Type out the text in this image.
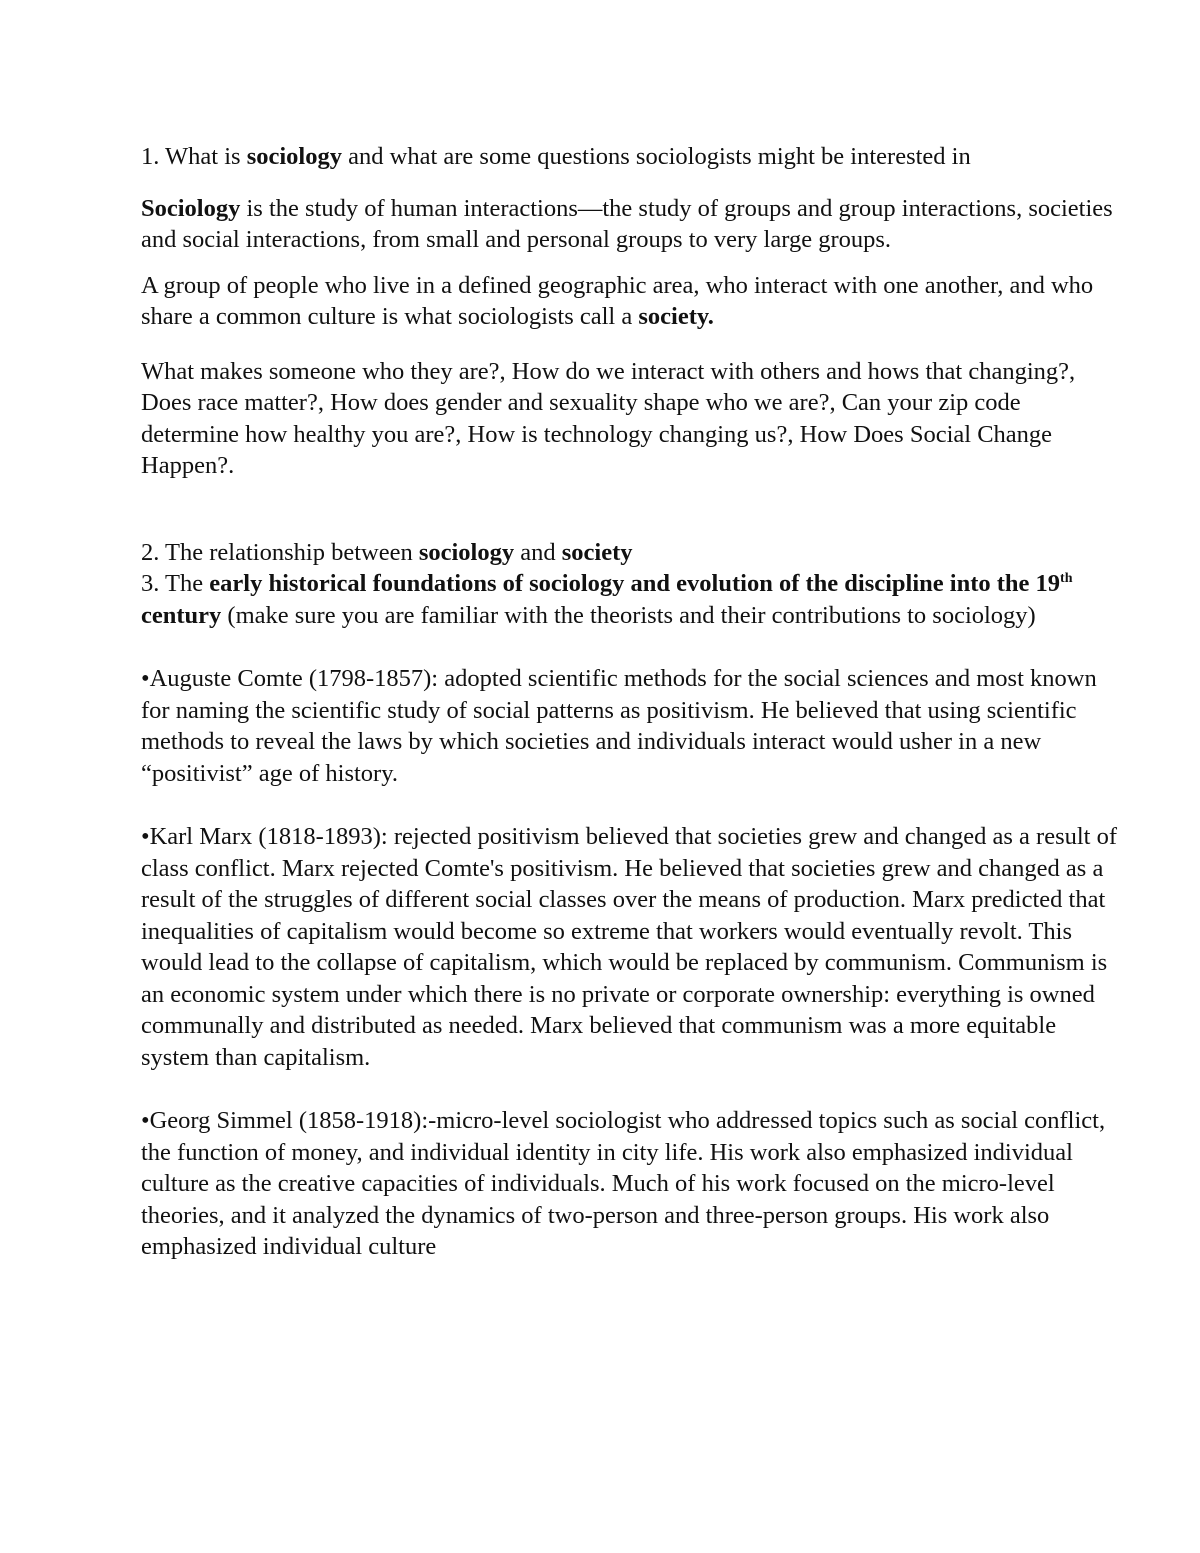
1. What is sociology and what are some questions sociologists might be interested in

Sociology is the study of human interactions—the study of groups and group interactions, societies and social interactions, from small and personal groups to very large groups.

A group of people who live in a defined geographic area, who interact with one another, and who share a common culture is what sociologists call a society.

What makes someone who they are?, How do we interact with others and hows that changing?, Does race matter?, How does gender and sexuality shape who we are?, Can your zip code determine how healthy you are?, How is technology changing us?, How Does Social Change Happen?.

2. The relationship between sociology and society

3. The early historical foundations of sociology and evolution of the discipline into the 19th century (make sure you are familiar with the theorists and their contributions to sociology)

•Auguste Comte (1798-1857): adopted scientific methods for the social sciences and most known for naming the scientific study of social patterns as positivism. He believed that using scientific methods to reveal the laws by which societies and individuals interact would usher in a new “positivist” age of history.

•Karl Marx (1818-1893): rejected positivism believed that societies grew and changed as a result of class conflict. Marx rejected Comte's positivism. He believed that societies grew and changed as a result of the struggles of different social classes over the means of production. Marx predicted that inequalities of capitalism would become so extreme that workers would eventually revolt. This would lead to the collapse of capitalism, which would be replaced by communism. Communism is an economic system under which there is no private or corporate ownership: everything is owned communally and distributed as needed. Marx believed that communism was a more equitable system than capitalism.

•Georg Simmel (1858-1918):-micro-level sociologist who addressed topics such as social conflict, the function of money, and individual identity in city life. His work also emphasized individual culture as the creative capacities of individuals. Much of his work focused on the micro-level theories, and it analyzed the dynamics of two-person and three-person groups. His work also emphasized individual culture
